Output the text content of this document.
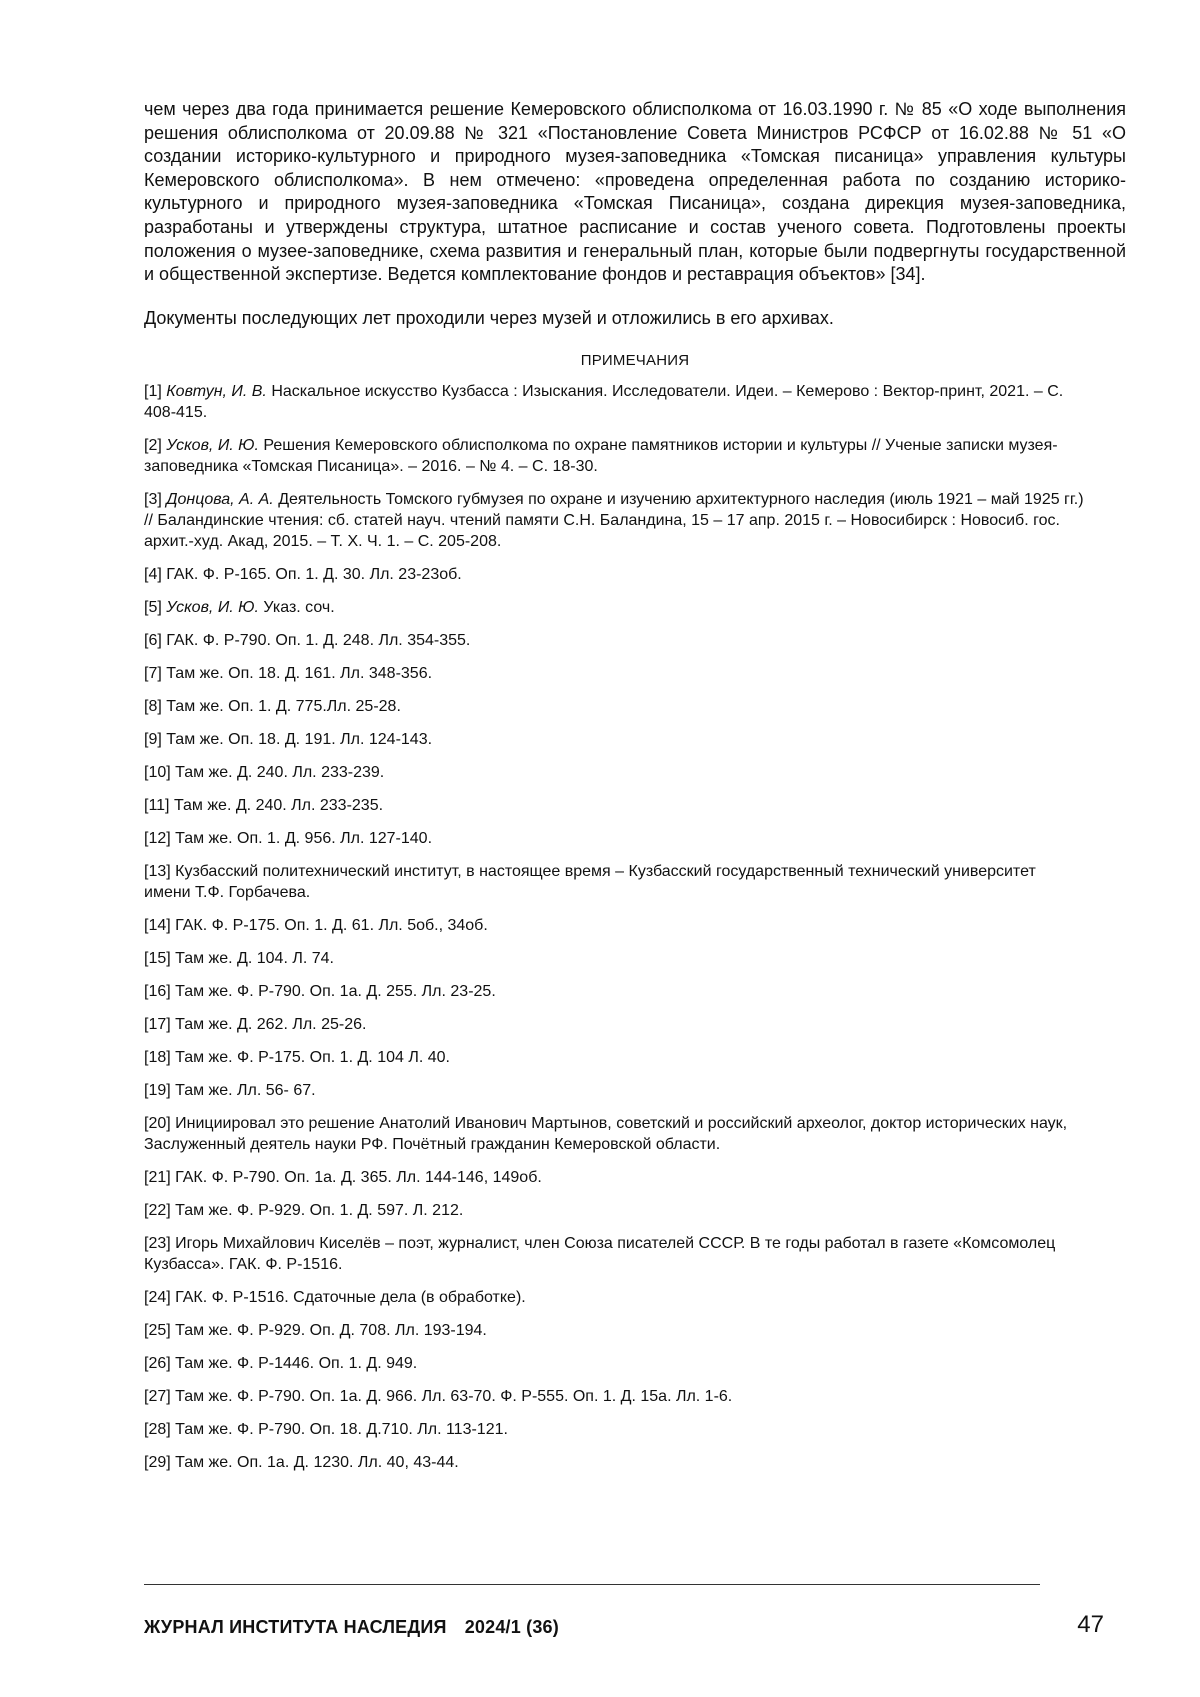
чем через два года принимается решение Кемеровского облисполкома от 16.03.1990 г. № 85 «О ходе выполнения решения облисполкома от 20.09.88 № 321 «Постановление Совета Министров РСФСР от 16.02.88 № 51 «О создании историко-культурного и природного музея-заповедника «Томская писаница» управления культуры Кемеровского облисполкома». В нем отмечено: «проведена определенная работа по созданию историко-культурного и природного музея-заповедника «Томская Писаница», создана дирекция музея-заповедника, разработаны и утверждены структура, штатное расписание и состав ученого совета. Подготовлены проекты положения о музее-заповеднике, схема развития и генеральный план, которые были подвергнуты государственной и общественной экспертизе. Ведется комплектование фондов и реставрация объектов» [34].

Документы последующих лет проходили через музей и отложились в его архивах.

ПРИМЕЧАНИЯ
[1] Ковтун, И. В. Наскальное искусство Кузбасса : Изыскания. Исследователи. Идеи. – Кемерово : Вектор-принт, 2021. – С. 408-415.
[2] Усков, И. Ю. Решения Кемеровского облисполкома по охране памятников истории и культуры // Ученые записки музея-заповедника «Томская Писаница». – 2016. – № 4. – С. 18-30.
[3] Донцова, А. А. Деятельность Томского губмузея по охране и изучению архитектурного наследия (июль 1921 – май 1925 гг.) // Баландинские чтения: сб. статей науч. чтений памяти С.Н. Баландина, 15 – 17 апр. 2015 г. – Новосибирск : Новосиб. гос. архит.-худ. Акад, 2015. – Т. X. Ч. 1. – С. 205-208.
[4] ГАК. Ф. Р-165. Оп. 1. Д. 30. Лл. 23-23об.
[5] Усков, И. Ю. Указ. соч.
[6] ГАК. Ф. Р-790. Оп. 1. Д. 248. Лл. 354-355.
[7] Там же. Оп. 18. Д. 161. Лл. 348-356.
[8] Там же. Оп. 1. Д. 775.Лл. 25-28.
[9] Там же. Оп. 18. Д. 191. Лл. 124-143.
[10] Там же. Д. 240. Лл. 233-239.
[11] Там же. Д. 240. Лл. 233-235.
[12] Там же. Оп. 1. Д. 956. Лл. 127-140.
[13] Кузбасский политехнический институт, в настоящее время – Кузбасский государственный технический университет имени Т.Ф. Горбачева.
[14] ГАК. Ф. Р-175. Оп. 1. Д. 61. Лл. 5об., 34об.
[15] Там же. Д. 104. Л. 74.
[16] Там же. Ф. Р-790. Оп. 1а. Д. 255. Лл. 23-25.
[17] Там же. Д. 262. Лл. 25-26.
[18] Там же. Ф. Р-175. Оп. 1. Д. 104 Л. 40.
[19] Там же. Лл. 56- 67.
[20] Инициировал это решение Анатолий Иванович Мартынов, советский и российский археолог, доктор исторических наук, Заслуженный деятель науки РФ. Почётный гражданин Кемеровской области.
[21] ГАК. Ф. Р-790. Оп. 1а. Д. 365. Лл. 144-146, 149об.
[22] Там же. Ф. Р-929. Оп. 1. Д. 597. Л. 212.
[23] Игорь Михайлович Киселёв – поэт, журналист, член Союза писателей СССР. В те годы работал в газете «Комсомолец Кузбасса». ГАК. Ф. Р-1516.
[24] ГАК. Ф. Р-1516. Сдаточные дела (в обработке).
[25] Там же. Ф. Р-929. Оп. Д. 708. Лл. 193-194.
[26] Там же. Ф. Р-1446. Оп. 1. Д. 949.
[27] Там же. Ф. Р-790. Оп. 1а. Д. 966. Лл. 63-70. Ф. Р-555. Оп. 1. Д. 15а. Лл. 1-6.
[28] Там же. Ф. Р-790. Оп. 18. Д.710. Лл. 113-121.
[29] Там же. Оп. 1а. Д. 1230. Лл. 40, 43-44.
ЖУРНАЛ ИНСТИТУТА НАСЛЕДИЯ 2024/1 (36)	47
